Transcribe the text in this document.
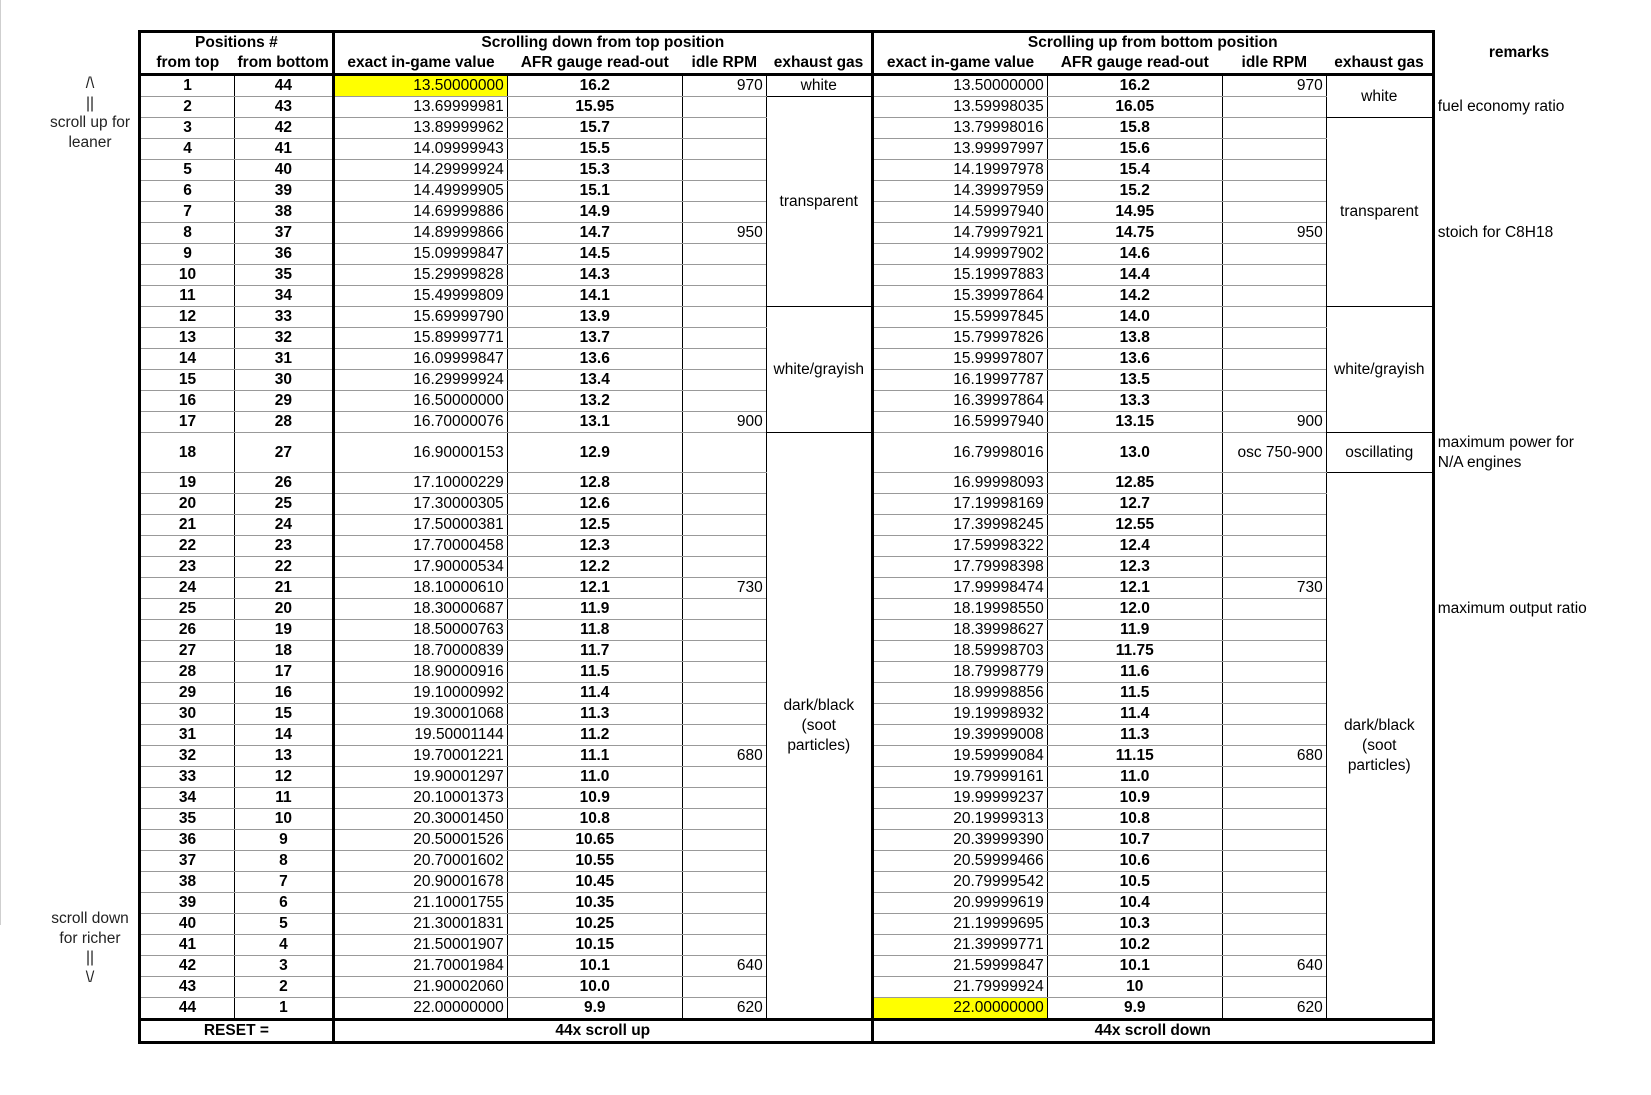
/\
||
scroll up for
leaner
scroll down
for richer
||
\/
Positions #		Scrolling down from top position				Scrolling up from bottom position				remarks
from top	from bottom	exact in-game value	AFR gauge read-out	idle RPM	exhaust gas	exact in-game value	AFR gauge read-out	idle RPM	exhaust gas	
1	44	13.50000000	16.2	970	white	13.50000000	16.2	970	white	
2	43	13.69999981	15.95		transparent	13.59998035	16.05			fuel economy ratio
3	42	13.89999962	15.7			13.79998016	15.8		transparent	
4	41	14.09999943	15.5			13.99997997	15.6			
5	40	14.29999924	15.3			14.19997978	15.4			
6	39	14.49999905	15.1			14.39997959	15.2			
7	38	14.69999886	14.9			14.59997940	14.95			
8	37	14.89999866	14.7	950		14.79997921	14.75	950		stoich for C8H18
9	36	15.09999847	14.5			14.99997902	14.6			
10	35	15.29999828	14.3			15.19997883	14.4			
11	34	15.49999809	14.1			15.39997864	14.2			
12	33	15.69999790	13.9		white/grayish	15.59997845	14.0		white/grayish	
13	32	15.89999771	13.7			15.79997826	13.8			
14	31	16.09999847	13.6			15.99997807	13.6			
15	30	16.29999924	13.4			16.19997787	13.5			
16	29	16.50000000	13.2			16.39997864	13.3			
17	28	16.70000076	13.1	900		16.59997940	13.15	900		
18	27	16.90000153	12.9		dark/black (soot particles)	16.79998016	13.0	osc 750-900	oscillating	maximum power for N/A engines
19	26	17.10000229	12.8			16.99998093	12.85		dark/black (soot particles)	
20	25	17.30000305	12.6			17.19998169	12.7			
21	24	17.50000381	12.5			17.39998245	12.55			
22	23	17.70000458	12.3			17.59998322	12.4			
23	22	17.90000534	12.2			17.79998398	12.3			
24	21	18.10000610	12.1	730		17.99998474	12.1	730		
25	20	18.30000687	11.9			18.19998550	12.0			maximum output ratio
26	19	18.50000763	11.8			18.39998627	11.9			
27	18	18.70000839	11.7			18.59998703	11.75			
28	17	18.90000916	11.5			18.79998779	11.6			
29	16	19.10000992	11.4			18.99998856	11.5			
30	15	19.30001068	11.3			19.19998932	11.4			
31	14	19.50001144	11.2			19.39999008	11.3			
32	13	19.70001221	11.1	680		19.59999084	11.15	680		
33	12	19.90001297	11.0			19.79999161	11.0			
34	11	20.10001373	10.9			19.99999237	10.9			
35	10	20.30001450	10.8			20.19999313	10.8			
36	9	20.50001526	10.65			20.39999390	10.7			
37	8	20.70001602	10.55			20.59999466	10.6			
38	7	20.90001678	10.45			20.79999542	10.5			
39	6	21.10001755	10.35			20.99999619	10.4			
40	5	21.30001831	10.25			21.19999695	10.3			
41	4	21.50001907	10.15			21.39999771	10.2			
42	3	21.70001984	10.1	640		21.59999847	10.1	640		
43	2	21.90002060	10.0			21.79999924	10			
44	1	22.00000000	9.9	620		22.00000000	9.9	620		
RESET =		44x scroll up				44x scroll down				
